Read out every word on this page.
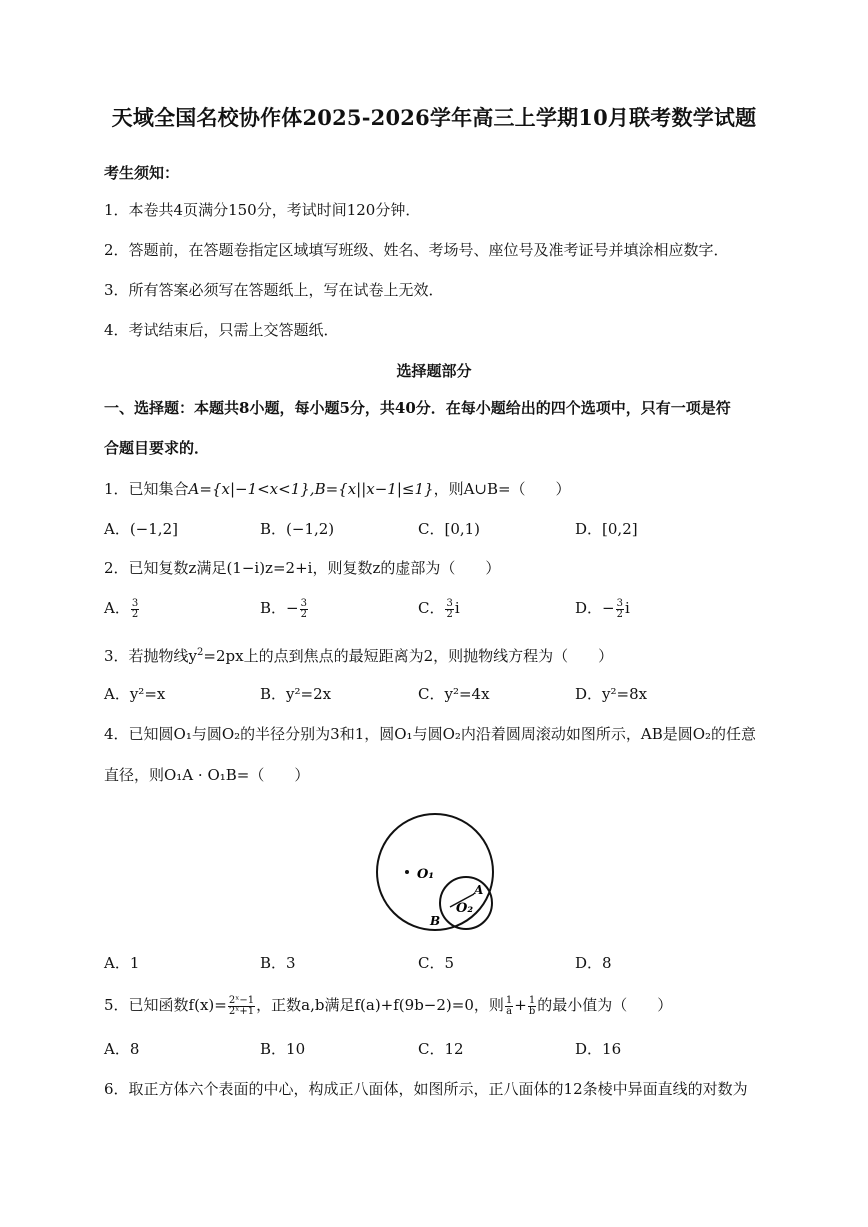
天域全国名校协作体2025-2026学年高三上学期10月联考数学试题
考生须知：
1．本卷共4页满分150分，考试时间120分钟．
2．答题前，在答题卷指定区域填写班级、姓名、考场号、座位号及准考证号并填涂相应数字．
3．所有答案必须写在答题纸上，写在试卷上无效．
4．考试结束后，只需上交答题纸．
选择题部分
一、选择题：本题共8小题，每小题5分，共40分．在每小题给出的四个选项中，只有一项是符
合题目要求的．
1．已知集合A={x|−1<x<1},B={x||x−1|≤1}，则A∪B=（　　）
A．(−1,2]	B．(−1,2)	C．[0,1)	D．[0,2]
2．已知复数z满足(1−i)z=2+i，则复数z的虚部为（　　）
A． $\frac{3}{2}$	B．− $\frac{3}{2}$	C． $\frac{3}{2}$ i	D．− $\frac{3}{2}$ i
3．若抛物线$y^2=2px$上的点到焦点的最短距离为2，则抛物线方程为（　　）
A．y²=x	B．y²=2x	C．y²=4x	D．y²=8x
4．已知圆O₁与圆O₂的半径分别为3和1，圆O₁与圆O₂内沿着圆周滚动如图所示，AB是圆O₂的任意
直径，则O₁A · O₁B=（　　）
O₁
O₂
A
B
A．1	B．3	C．5	D．8
5．已知函数$f(x)= \frac{\text{2ˣ−1}}{\text{2ˣ+1}}$ ，正数a,b满足f(a)+f(9b−2)=0，则 $\frac{1}{a} + \frac{1}{b}$ 的最小值为（　　）
A．8	B．10	C．12	D．16
6．取正方体六个表面的中心，构成正八面体，如图所示，正八面体的12条棱中异面直线的对数为
